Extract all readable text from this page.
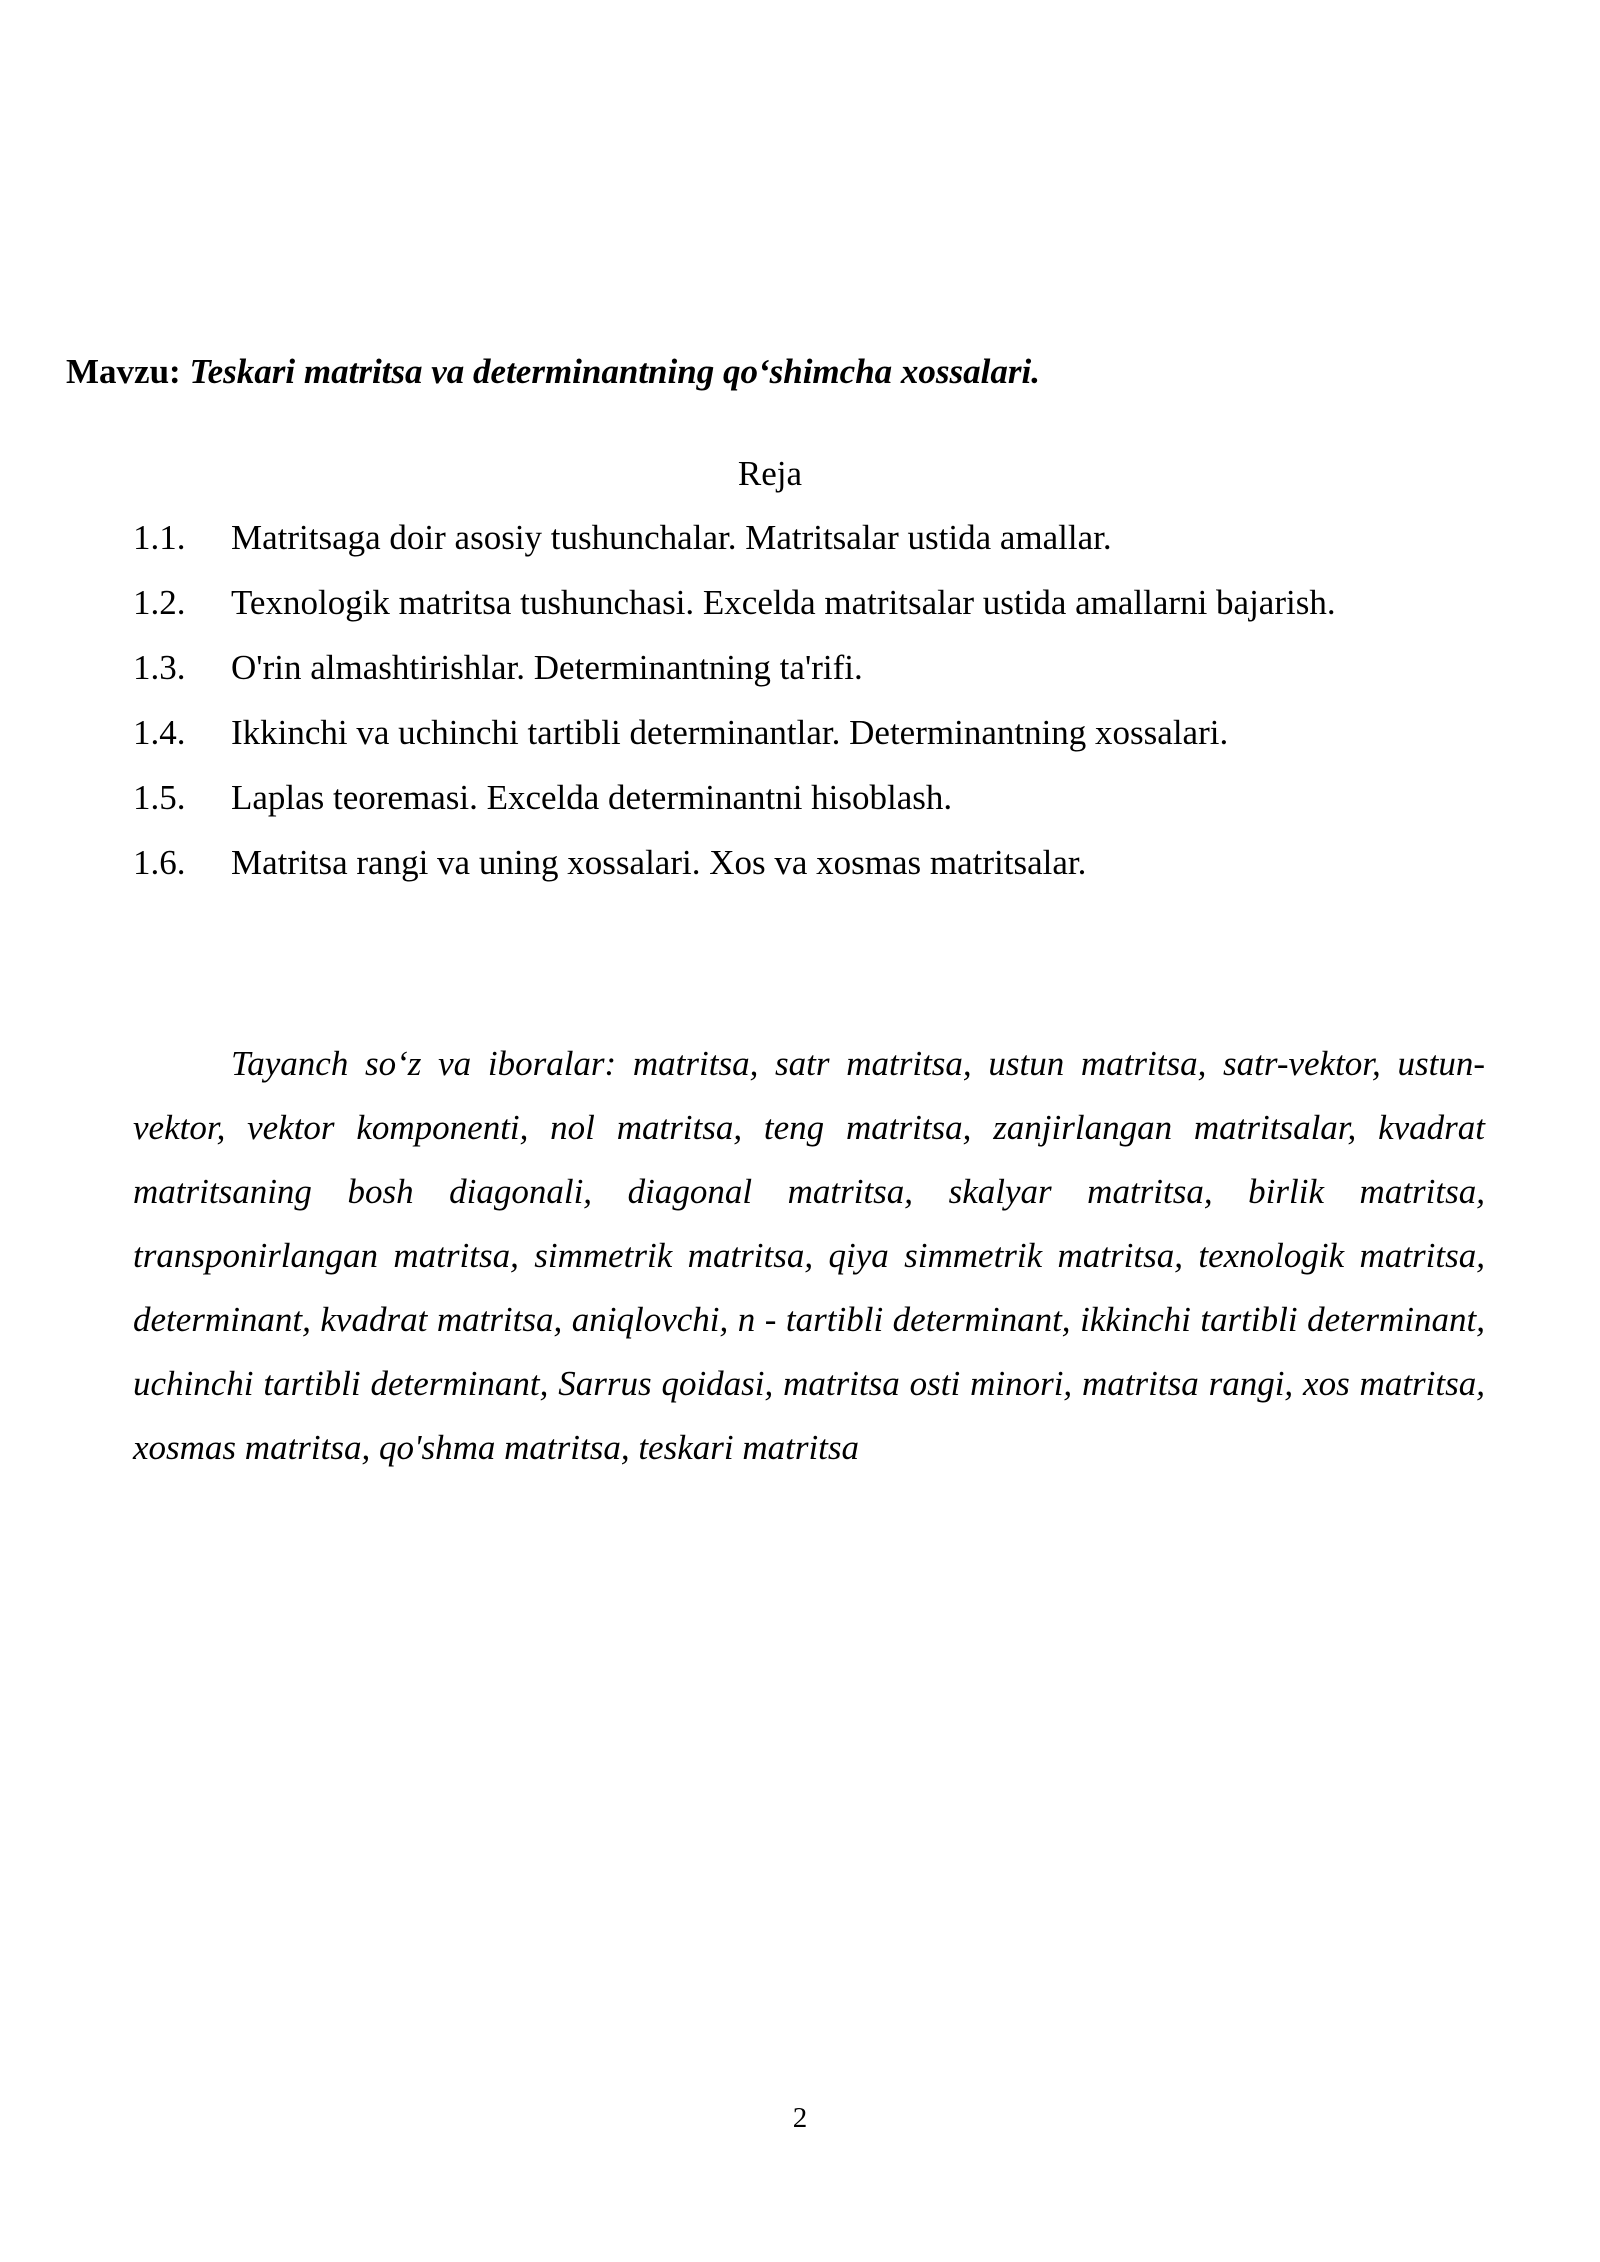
Mavzu: Teskari matritsa va determinantning qo‘shimcha xossalari.
Reja
1.1. Matritsaga doir asosiy tushunchalar. Matritsalar ustida amallar.
1.2. Texnologik matritsa tushunchasi. Excelda matritsalar ustida amallarni bajarish.
1.3. O'rin almashtirishlar. Determinantning ta'rifi.
1.4. Ikkinchi va uchinchi tartibli determinantlar. Determinantning xossalari.
1.5. Laplas teoremasi. Excelda determinantni hisoblash.
1.6. Matritsa rangi va uning xossalari. Xos va xosmas matritsalar.

Tayanch so‘z va iboralar: matritsa, satr matritsa, ustun matritsa, satr-vektor, ustun-vektor, vektor komponenti, nol matritsa, teng matritsa, zanjirlangan matritsalar, kvadrat matritsaning bosh diagonali, diagonal matritsa, skalyar matritsa, birlik matritsa, transponirlangan matritsa, simmetrik matritsa, qiya simmetrik matritsa, texnologik matritsa, determinant, kvadrat matritsa, aniqlovchi, n - tartibli determinant, ikkinchi tartibli determinant, uchinchi tartibli determinant, Sarrus qoidasi, matritsa osti minori, matritsa rangi, xos matritsa, xosmas matritsa, qo'shma matritsa, teskari matritsa

2
